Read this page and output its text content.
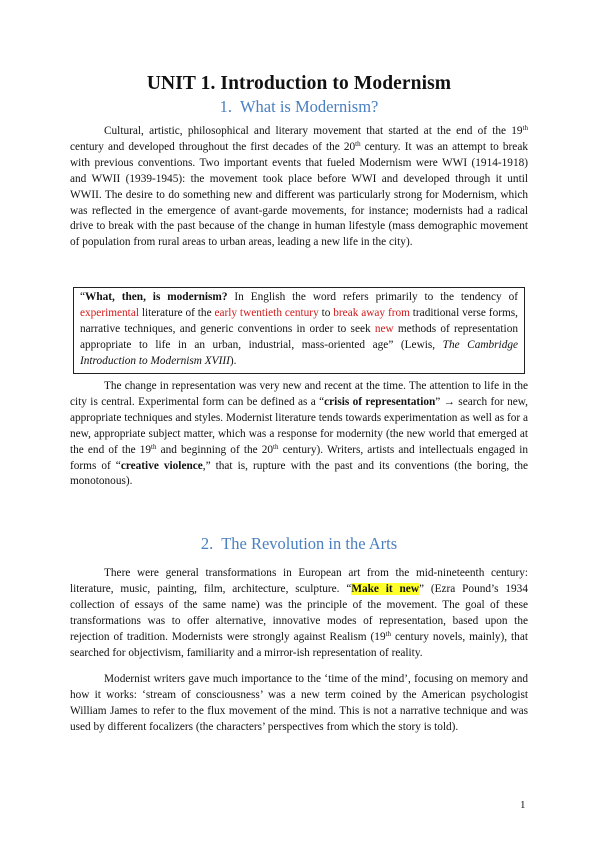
UNIT 1. Introduction to Modernism
1. What is Modernism?

Cultural, artistic, philosophical and literary movement that started at the end of the 19th century and developed throughout the first decades of the 20th century. It was an attempt to break with previous conventions. Two important events that fueled Modernism were WWI (1914-1918) and WWII (1939-1945): the movement took place before WWI and developed through it until WWII. The desire to do something new and different was particularly strong for Modernism, which was reflected in the emergence of avant-garde movements, for instance; modernists had a radical drive to break with the past because of the change in human lifestyle (mass demographic movement of population from rural areas to urban areas, leading a new life in the city).

“What, then, is modernism? In English the word refers primarily to the tendency of experimental literature of the early twentieth century to break away from traditional verse forms, narrative techniques, and generic conventions in order to seek new methods of representation appropriate to life in an urban, industrial, mass-oriented age” (Lewis, The Cambridge Introduction to Modernism XVIII).

The change in representation was very new and recent at the time. The attention to life in the city is central. Experimental form can be defined as a “crisis of representation” → search for new, appropriate techniques and styles. Modernist literature tends towards experimentation as well as for a new, appropriate subject matter, which was a response for modernity (the new world that emerged at the end of the 19th and beginning of the 20th century). Writers, artists and intellectuals engaged in forms of “creative violence,” that is, rupture with the past and its conventions (the boring, the monotonous).

2. The Revolution in the Arts

There were general transformations in European art from the mid-nineteenth century: literature, music, painting, film, architecture, sculpture. “Make it new” (Ezra Pound’s 1934 collection of essays of the same name) was the principle of the movement. The goal of these transformations was to offer alternative, innovative modes of representation, based upon the rejection of tradition. Modernists were strongly against Realism (19th century novels, mainly), that searched for objectivism, familiarity and a mirror-ish representation of reality.

Modernist writers gave much importance to the ‘time of the mind’, focusing on memory and how it works: ‘stream of consciousness’ was a new term coined by the American psychologist William James to refer to the flux movement of the mind. This is not a narrative technique and was used by different focalizers (the characters’ perspectives from which the story is told).

1
